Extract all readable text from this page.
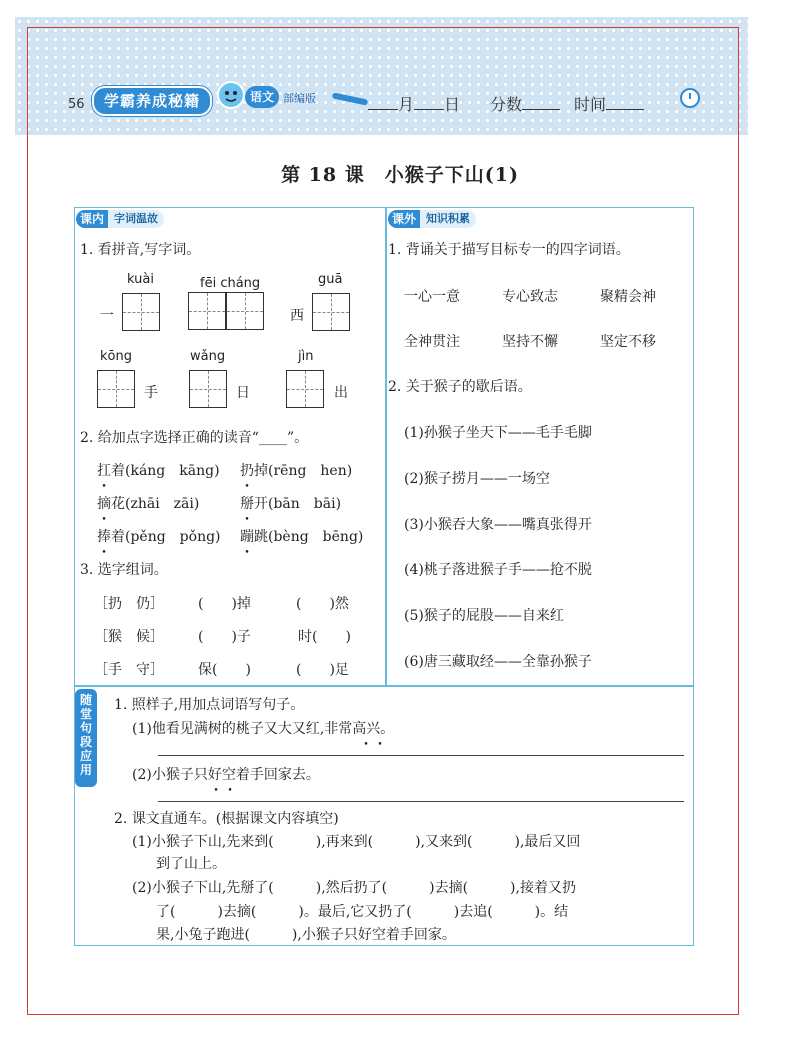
56	学霸养成秘籍	语文 部编版	月 日 分数	时间
第 18 课　小猴子下山(1)
课内 字词温故
1. 看拼音,写字词。
kuài	fēi cháng	guā
一	西
kōng	wǎng	jìn
手	日	出
2. 给加点字选择正确的读音“____”。
扛着(káng　kāng) 扔掉(rēng　hen)
摘花(zhāi　zāi)	掰开(bān　bāi)
捧着(pěng　pǒng) 蹦跳(bèng　bēng)
3. 选字组词。
［扔　仍］ (　　)掉	(　　)然
［猴　候］ (　　)子	时(　　)
［手　守］ 保(　　)	(　　)足
课外 知识积累
1. 背诵关于描写目标专一的四字词语。
一心一意	专心致志	聚精会神
全神贯注	坚持不懈	坚定不移
2. 关于猴子的歇后语。
(1)孙猴子坐天下——毛手毛脚
(2)猴子捞月——一场空
(3)小猴吞大象——嘴真张得开
(4)桃子落进猴子手——抢不脱
(5)猴子的屁股——自来红
(6)唐三藏取经——全靠孙猴子
随
堂
句
段
应
用
1. 照样子,用加点词语写句子。
(1)他看见满树的桃子又大又红,非常高兴。
(2)小猴子只好空着手回家去。
2. 课文直通车。(根据课文内容填空)
(1)小猴子下山,先来到(　　　),再来到(　　　),又来到(　　　),最后又回
到了山上。
(2)小猴子下山,先掰了(　　　),然后扔了(　　　)去摘(　　　),接着又扔
了(　　　)去摘(　　　)。最后,它又扔了(　　　)去追(　　　)。结
果,小兔子跑进(　　　),小猴子只好空着手回家。
